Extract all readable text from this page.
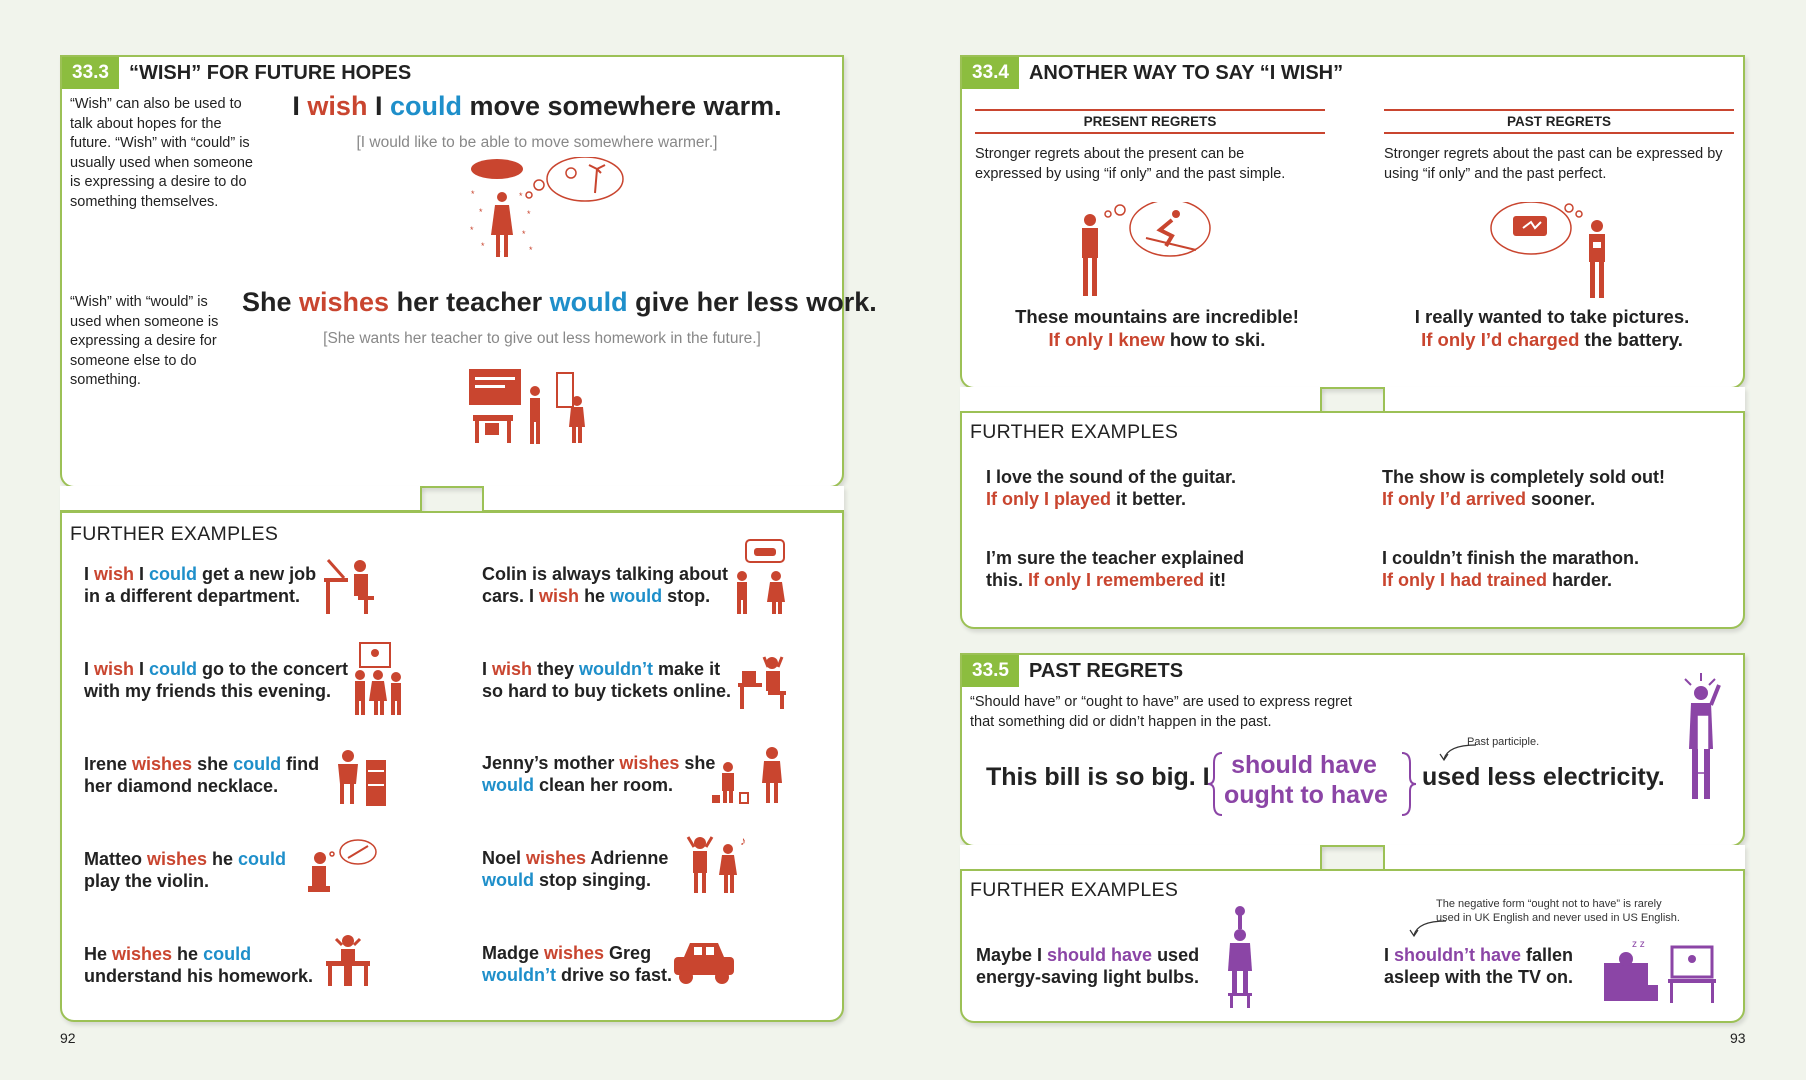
33.3	“WISH” FOR FUTURE HOPES
“Wish” can also be used to talk about hopes for the future. “Wish” with “could” is usually used when someone is expressing a desire to do something themselves.
I wish I could move somewhere warm.
[I would like to be able to move somewhere warmer.]
*
*
*
*
*
*
*
*
“Wish” with “would” is used when someone is expressing a desire for someone else to do something.
She wishes her teacher would give her less work.
[She wants her teacher to give out less homework in the future.]
FURTHER EXAMPLES
I wish I could get a new job
in a different department.
Colin is always talking about
cars. I wish he would stop.
I wish I could go to the concert
with my friends this evening.
I wish they wouldn’t make it
so hard to buy tickets online.
Irene wishes she could find
her diamond necklace.
Jenny’s mother wishes she
would clean her room.
Matteo wishes he could
play the violin.
Noel wishes Adrienne
would stop singing.
He wishes he could
understand his homework.
Madge wishes Greg
wouldn’t drive so fast.
♪
92
33.4	ANOTHER WAY TO SAY “I WISH”
PRESENT REGRETS
Stronger regrets about the present can be expressed by using “if only” and the past simple.
These mountains are incredible!
If only I knew how to ski.
PAST REGRETS
Stronger regrets about the past can be expressed by using “if only” and the past perfect.
I really wanted to take pictures.
If only I’d charged the battery.
FURTHER EXAMPLES
I love the sound of the guitar.
If only I played it better.
The show is completely sold out!
If only I’d arrived sooner.
I’m sure the teacher explained
this. If only I remembered it!
I couldn’t finish the marathon.
If only I had trained harder.
33.5	PAST REGRETS
“Should have” or “ought to have” are used to express regret that something did or didn’t happen in the past.
This bill is so big. I should have
ought to have
used less electricity.
Past participle.
FURTHER EXAMPLES
Maybe I should have used
energy-saving light bulbs.
The negative form “ought not to have” is rarely used in UK English and never used in US English.
I shouldn’t have fallen
asleep with the TV on.
z z
93
